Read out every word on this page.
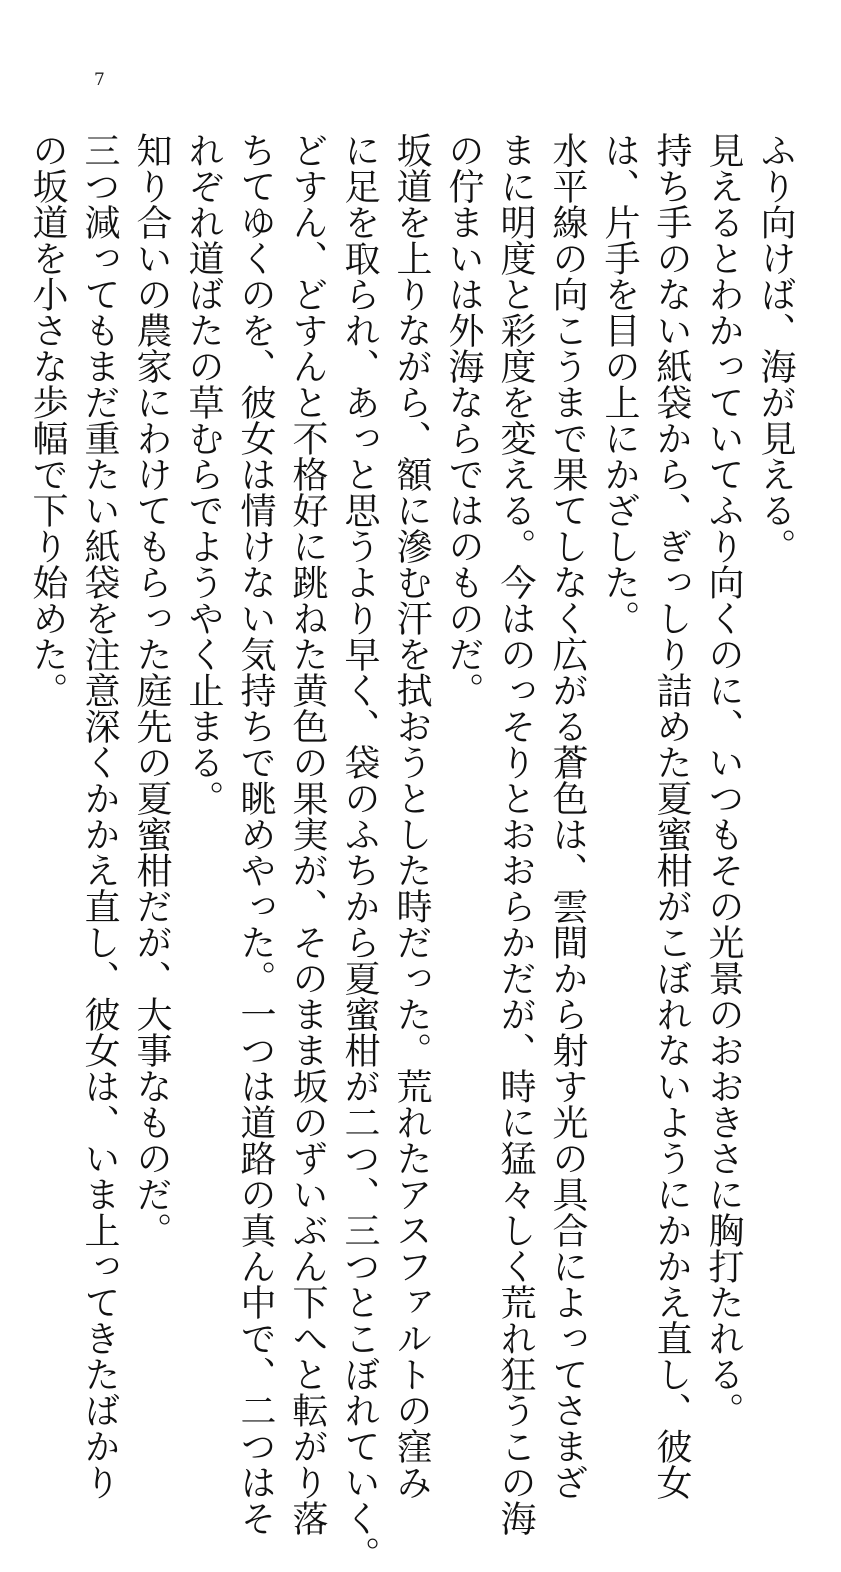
7
ふり向けば、海が見える。
見えるとわかっていてふり向くのに、いつもその光景のおおきさに胸打たれる。
持ち手のない紙袋から、ぎっしり詰めた夏蜜柑がこぼれないようにかかえ直し、彼女
は、片手を目の上にかざした。
水平線の向こうまで果てしなく広がる蒼色は、雲間から射す光の具合によってさまざ
まに明度と彩度を変える。今はのっそりとおおらかだが、時に猛々しく荒れ狂うこの海
の佇まいは外海ならではのものだ。
坂道を上りながら、額に滲む汗を拭おうとした時だった。荒れたアスファルトの窪み
に足を取られ、あっと思うより早く、袋のふちから夏蜜柑が二つ、三つとこぼれていく。
どすん、どすんと不格好に跳ねた黄色の果実が、そのまま坂のずいぶん下へと転がり落
ちてゆくのを、彼女は情けない気持ちで眺めやった。一つは道路の真ん中で、二つはそ
れぞれ道ばたの草むらでようやく止まる。
知り合いの農家にわけてもらった庭先の夏蜜柑だが、大事なものだ。
三つ減ってもまだ重たい紙袋を注意深くかかえ直し、彼女は、いま上ってきたばかり
の坂道を小さな歩幅で下り始めた。
